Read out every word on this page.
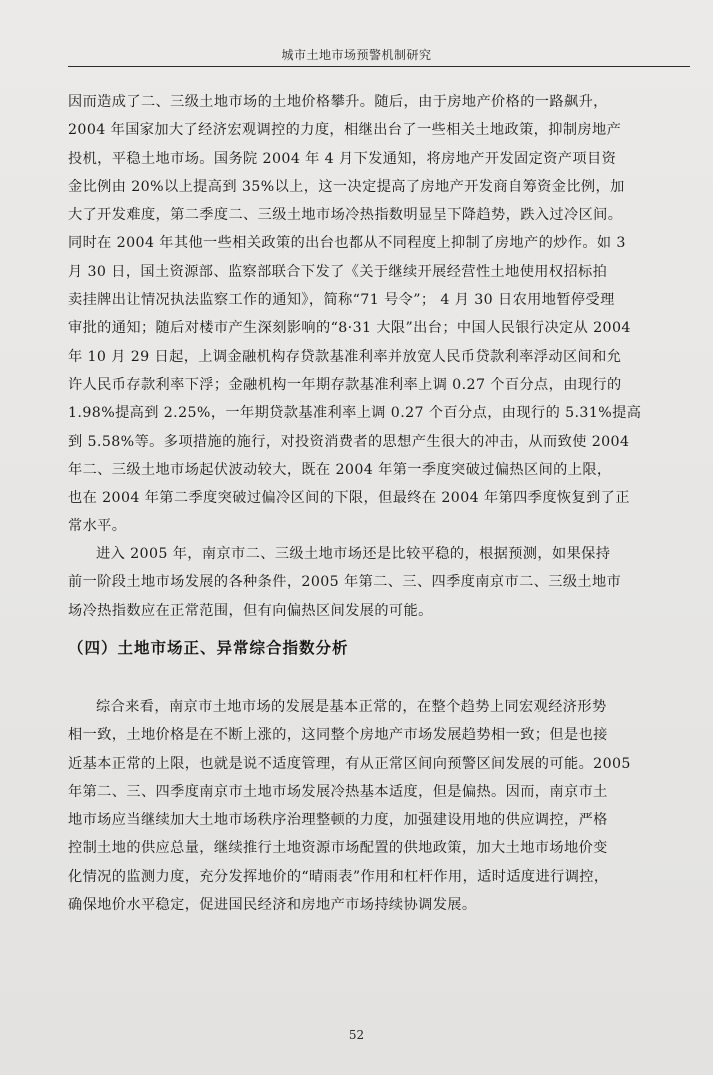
城市土地市场预警机制研究
因而造成了二、三级土地市场的土地价格攀升。随后，由于房地产价格的一路飙升，
2004 年国家加大了经济宏观调控的力度，相继出台了一些相关土地政策，抑制房地产
投机，平稳土地市场。国务院 2004 年 4 月下发通知，将房地产开发固定资产项目资
金比例由 20%以上提高到 35%以上，这一决定提高了房地产开发商自筹资金比例，加
大了开发难度，第二季度二、三级土地市场冷热指数明显呈下降趋势，跌入过冷区间。
同时在 2004 年其他一些相关政策的出台也都从不同程度上抑制了房地产的炒作。如 3
月 30 日，国土资源部、监察部联合下发了《关于继续开展经营性土地使用权招标拍
卖挂牌出让情况执法监察工作的通知》，简称“71 号令”； 4 月 30 日农用地暂停受理
审批的通知；随后对楼市产生深刻影响的“8·31 大限”出台；中国人民银行决定从 2004
年 10 月 29 日起，上调金融机构存贷款基准利率并放宽人民币贷款利率浮动区间和允
许人民币存款利率下浮；金融机构一年期存款基准利率上调 0.27 个百分点，由现行的
1.98%提高到 2.25%，一年期贷款基准利率上调 0.27 个百分点，由现行的 5.31%提高
到 5.58%等。多项措施的施行，对投资消费者的思想产生很大的冲击，从而致使 2004
年二、三级土地市场起伏波动较大，既在 2004 年第一季度突破过偏热区间的上限，
也在 2004 年第二季度突破过偏冷区间的下限，但最终在 2004 年第四季度恢复到了正
常水平。
进入 2005 年，南京市二、三级土地市场还是比较平稳的，根据预测，如果保持
前一阶段土地市场发展的各种条件，2005 年第二、三、四季度南京市二、三级土地市
场冷热指数应在正常范围，但有向偏热区间发展的可能。
（四）土地市场正、异常综合指数分析
综合来看，南京市土地市场的发展是基本正常的，在整个趋势上同宏观经济形势
相一致，土地价格是在不断上涨的，这同整个房地产市场发展趋势相一致；但是也接
近基本正常的上限，也就是说不适度管理，有从正常区间向预警区间发展的可能。2005
年第二、三、四季度南京市土地市场发展冷热基本适度，但是偏热。因而，南京市土
地市场应当继续加大土地市场秩序治理整顿的力度，加强建设用地的供应调控，严格
控制土地的供应总量，继续推行土地资源市场配置的供地政策，加大土地市场地价变
化情况的监测力度，充分发挥地价的“晴雨表”作用和杠杆作用，适时适度进行调控，
确保地价水平稳定，促进国民经济和房地产市场持续协调发展。
52
